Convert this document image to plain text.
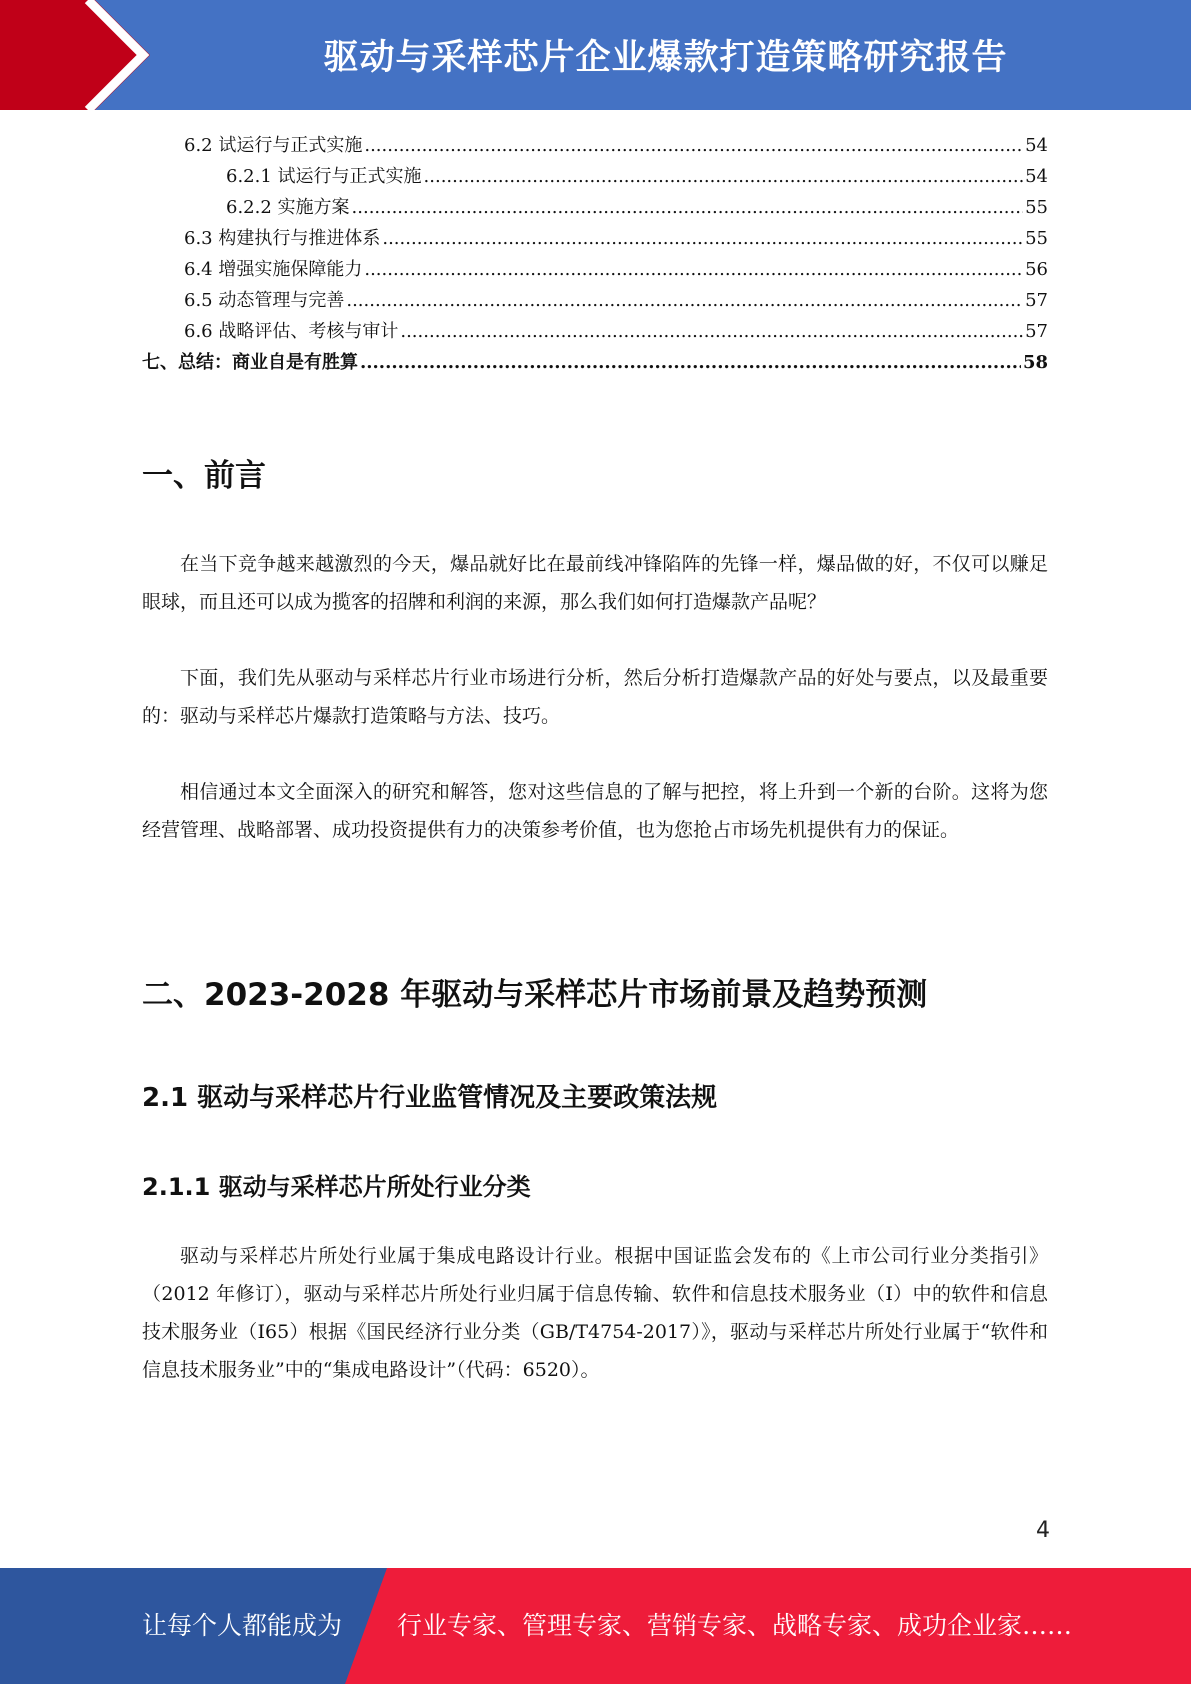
驱动与采样芯片企业爆款打造策略研究报告
6.2 试运行与正式实施 .....	54
6.2.1 试运行与正式实施 .....	54
6.2.2 实施方案 .....	55
6.3 构建执行与推进体系 .....	55
6.4 增强实施保障能力 .....	56
6.5 动态管理与完善 .....	57
6.6 战略评估、考核与审计 .....	57
七、总结：商业自是有胜算 .....	58
一、前言

在当下竞争越来越激烈的今天，爆品就好比在最前线冲锋陷阵的先锋一样，爆品做的好，不仅可以赚足眼球，而且还可以成为揽客的招牌和利润的来源，那么我们如何打造爆款产品呢？

下面，我们先从驱动与采样芯片行业市场进行分析，然后分析打造爆款产品的好处与要点，以及最重要的：驱动与采样芯片爆款打造策略与方法、技巧。

相信通过本文全面深入的研究和解答，您对这些信息的了解与把控，将上升到一个新的台阶。这将为您经营管理、战略部署、成功投资提供有力的决策参考价值，也为您抢占市场先机提供有力的保证。

二、2023-2028 年驱动与采样芯片市场前景及趋势预测
2.1 驱动与采样芯片行业监管情况及主要政策法规
2.1.1 驱动与采样芯片所处行业分类

驱动与采样芯片所处行业属于集成电路设计行业。根据中国证监会发布的《上市公司行业分类指引》（2012 年修订），驱动与采样芯片所处行业归属于信息传输、软件和信息技术服务业（I）中的软件和信息技术服务业（I65）根据《国民经济行业分类（GB/T4754-2017）》，驱动与采样芯片所处行业属于“软件和信息技术服务业”中的“集成电路设计”（代码：6520）。

4
让每个人都能成为 行业专家、管理专家、营销专家、战略专家、成功企业家……
